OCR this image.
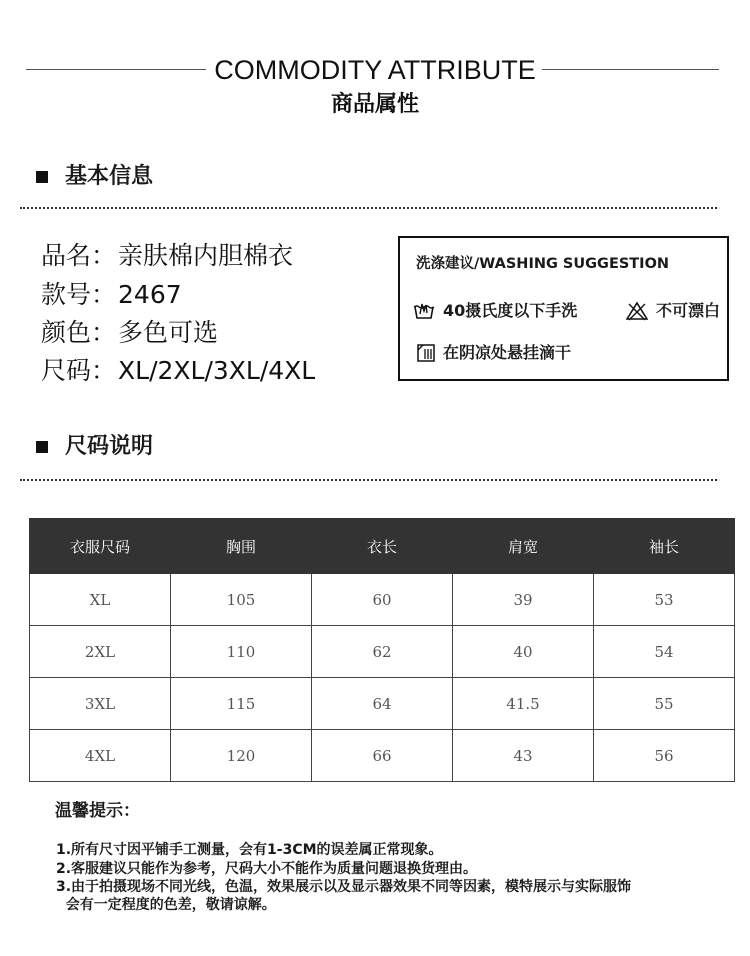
COMMODITY ATTRIBUTE
商品属性
基本信息
品名：亲肤棉内胆棉衣
款号：2467
颜色：多色可选
尺码：XL/2XL/3XL/4XL
洗涤建议/WASHING SUGGESTION
40摄氏度以下手洗	不可漂白
在阴凉处悬挂滴干
尺码说明
衣服尺码	胸围	衣长	肩宽	袖长
XL	105	60	39	53
2XL	110	62	40	54
3XL	115	64	41.5	55
4XL	120	66	43	56
温馨提示：
1.所有尺寸因平铺手工测量，会有1-3CM的误差属正常现象。
2.客服建议只能作为参考，尺码大小不能作为质量问题退换货理由。
3.由于拍摄现场不同光线，色温，效果展示以及显示器效果不同等因素，模特展示与实际服饰
会有一定程度的色差，敬请谅解。
